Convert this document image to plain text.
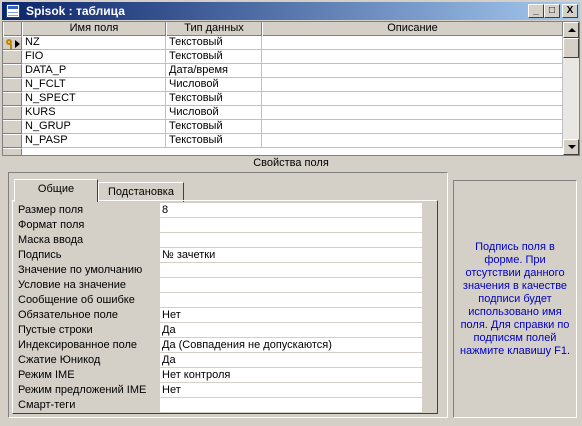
Spisok : таблица	_	□	X
Имя поля	Тип данных	Описание
NZ	Текстовый
FIO	Текстовый
DATA_P	Дата/время
N_FCLT	Числовой
N_SPECT	Текстовый
KURS	Числовой
N_GRUP	Текстовый
N_PASP	Текстовый
Свойства поля
Общие	Подстановка
Размер поля	8
Формат поля
Маска ввода
Подпись	№ зачетки
Значение по умолчанию
Условие на значение
Сообщение об ошибке
Обязательное поле	Нет
Пустые строки	Да
Индексированное поле	Да (Совпадения не допускаются)
Сжатие Юникод	Да
Режим IME	Нет контроля
Режим предложений IME	Нет
Смарт-теги
Подпись поля в форме. При отсутствии данного значения в качестве подписи будет использовано имя поля. Для справки по подписям полей нажмите клавишу F1.
